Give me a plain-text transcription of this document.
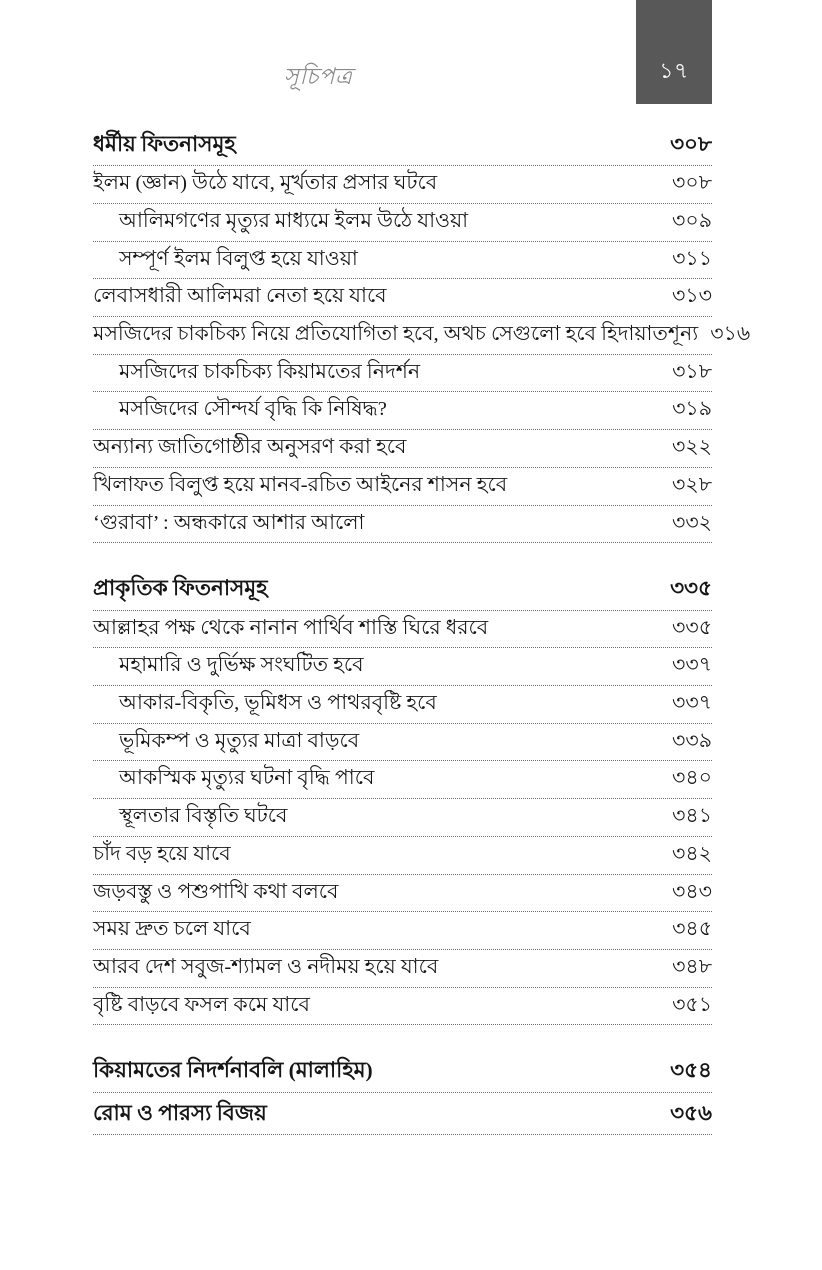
সূচিপত্র	১৭
ধর্মীয় ফিতনাসমূহ	৩০৮
ইলম (জ্ঞান) উঠে যাবে, মূর্খতার প্রসার ঘটবে	৩০৮
আলিমগণের মৃত্যুর মাধ্যমে ইলম উঠে যাওয়া	৩০৯
সম্পূর্ণ ইলম বিলুপ্ত হয়ে যাওয়া	৩১১
লেবাসধারী আলিমরা নেতা হয়ে যাবে	৩১৩
মসজিদের চাকচিক্য নিয়ে প্রতিযোগিতা হবে, অথচ সেগুলো হবে হিদায়াতশূন্য ৩১৬
মসজিদের চাকচিক্য কিয়ামতের নিদর্শন	৩১৮
মসজিদের সৌন্দর্য বৃদ্ধি কি নিষিদ্ধ?	৩১৯
অন্যান্য জাতিগোষ্ঠীর অনুসরণ করা হবে	৩২২
খিলাফত বিলুপ্ত হয়ে মানব-রচিত আইনের শাসন হবে	৩২৮
‘গুরাবা’ : অন্ধকারে আশার আলো	৩৩২
প্রাকৃতিক ফিতনাসমূহ	৩৩৫
আল্লাহর পক্ষ থেকে নানান পার্থিব শাস্তি ঘিরে ধরবে	৩৩৫
মহামারি ও দুর্ভিক্ষ সংঘটিত হবে	৩৩৭
আকার-বিকৃতি, ভূমিধস ও পাথরবৃষ্টি হবে	৩৩৭
ভূমিকম্প ও মৃত্যুর মাত্রা বাড়বে	৩৩৯
আকস্মিক মৃত্যুর ঘটনা বৃদ্ধি পাবে	৩৪০
স্থূলতার বিস্তৃতি ঘটবে	৩৪১
চাঁদ বড় হয়ে যাবে	৩৪২
জড়বস্তু ও পশুপাখি কথা বলবে	৩৪৩
সময় দ্রুত চলে যাবে	৩৪৫
আরব দেশ সবুজ-শ্যামল ও নদীময় হয়ে যাবে	৩৪৮
বৃষ্টি বাড়বে ফসল কমে যাবে	৩৫১
কিয়ামতের নিদর্শনাবলি (মালাহিম)	৩৫৪
রোম ও পারস্য বিজয়	৩৫৬
